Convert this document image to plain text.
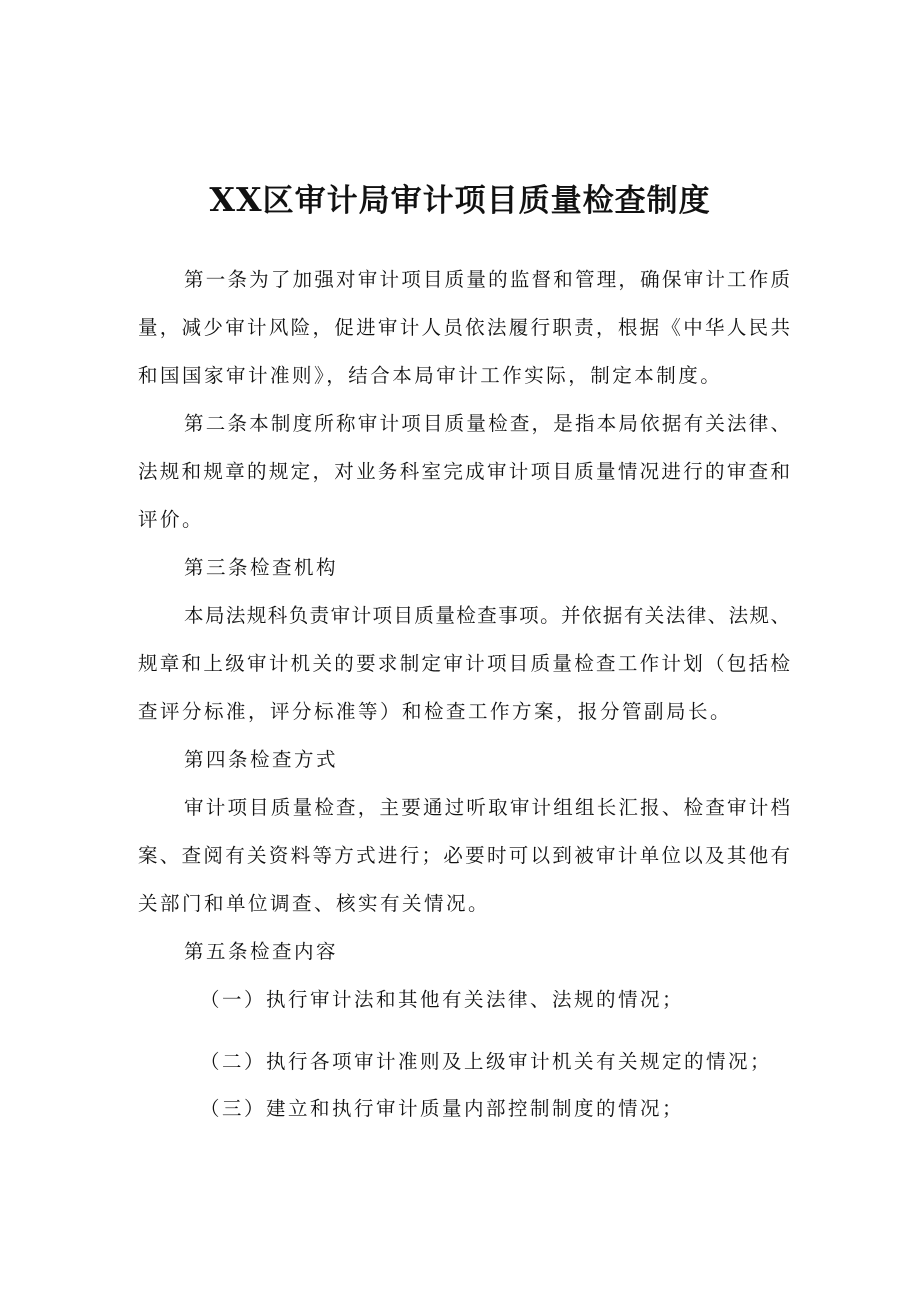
XX区审计局审计项目质量检查制度

第一条为了加强对审计项目质量的监督和管理，确保审计工作质

量，减少审计风险，促进审计人员依法履行职责，根据《中华人民共

和国国家审计准则》，结合本局审计工作实际，制定本制度。

第二条本制度所称审计项目质量检查，是指本局依据有关法律、

法规和规章的规定，对业务科室完成审计项目质量情况进行的审查和

评价。

第三条检查机构

本局法规科负责审计项目质量检查事项。并依据有关法律、法规、

规章和上级审计机关的要求制定审计项目质量检查工作计划（包括检

查评分标准，评分标准等）和检查工作方案，报分管副局长。

第四条检查方式

审计项目质量检查，主要通过听取审计组组长汇报、检查审计档

案、查阅有关资料等方式进行；必要时可以到被审计单位以及其他有

关部门和单位调查、核实有关情况。

第五条检查内容

（一）执行审计法和其他有关法律、法规的情况；

（二）执行各项审计准则及上级审计机关有关规定的情况；

（三）建立和执行审计质量内部控制制度的情况；
